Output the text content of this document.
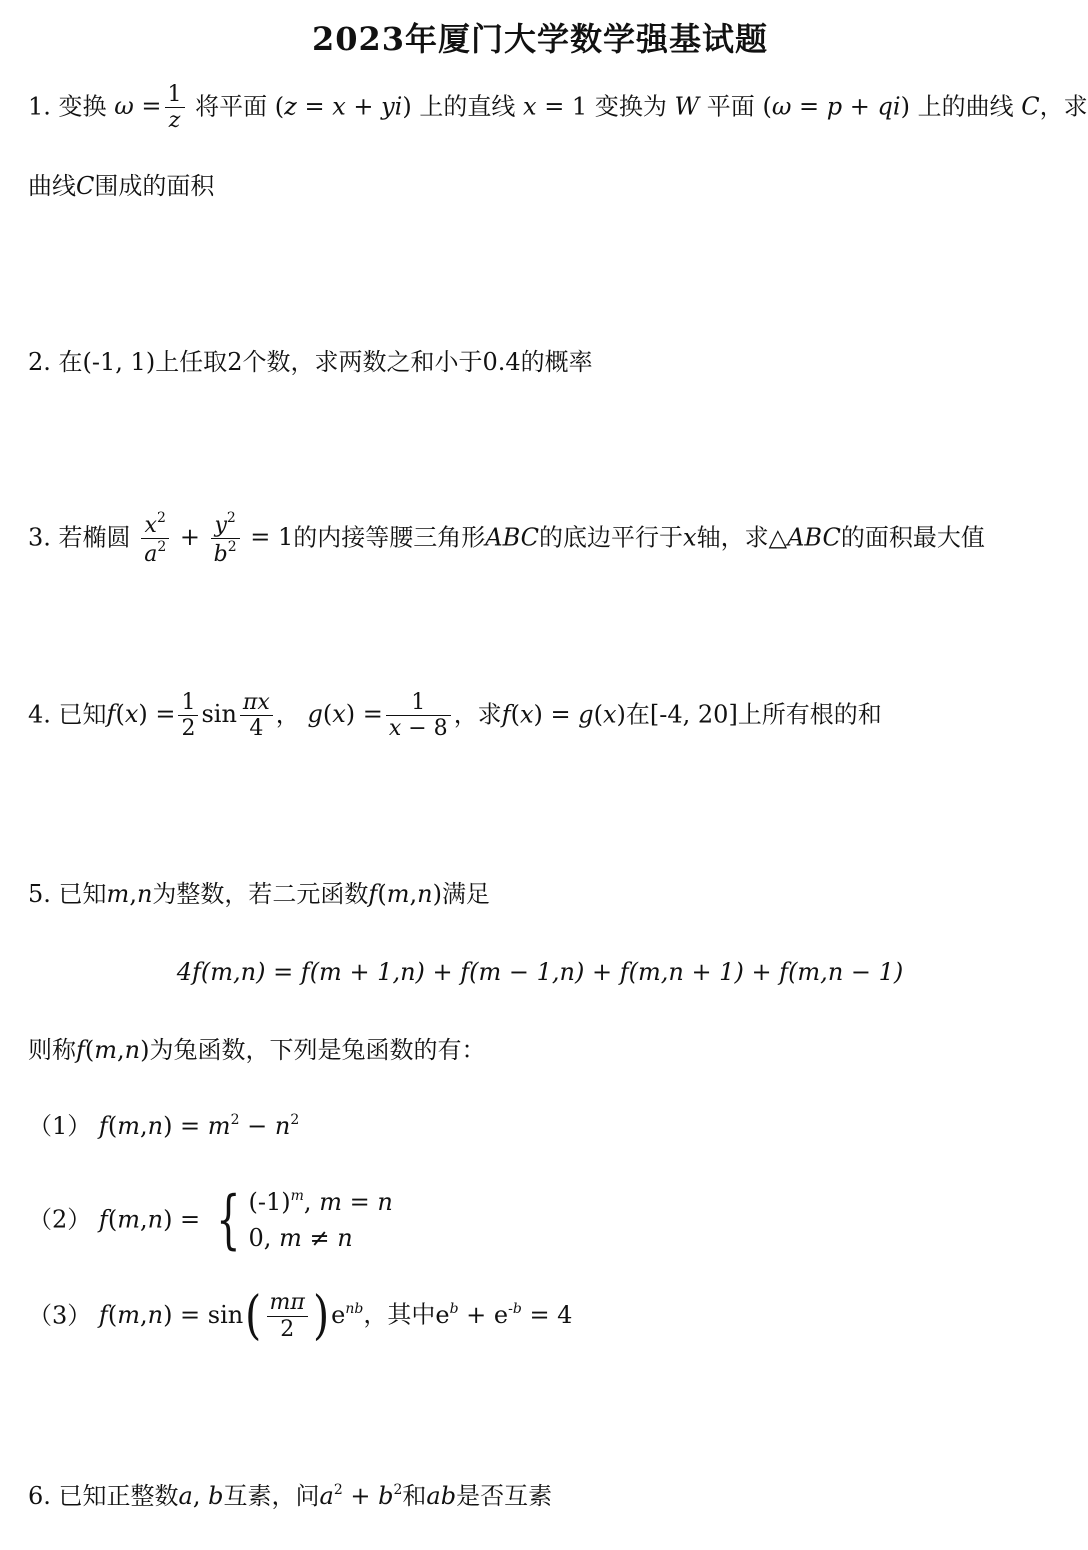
2023年厦门大学数学强基试题
1. 变换 $\omega = \frac{1}{z}$ 将平面 (z = x + yi) 上的直线 x = 1 变换为 W 平面 (ω = p + qi) 上的曲线 C，求
曲线C围成的面积
2. 在(-1, 1)上任取2个数，求两数之和小于0.4的概率
3. 若椭圆 $\frac{x^2}{a^2} + \frac{y^2}{b^2} = 1$的内接等腰三角形ABC的底边平行于x轴，求△ABC的面积最大值
4. 已知$f(x) = \frac{1}{2}$ $\sin \frac{\pi x}{4}$ ， $g(x) = \frac{1}{x - 8}$ ，求f(x) = g(x)在[-4, 20]上所有根的和
5. 已知m,n为整数，若二元函数f(m,n)满足
4f(m,n) = f(m + 1,n) + f(m − 1,n) + f(m,n + 1) + f(m,n − 1)
则称f(m,n)为兔函数，下列是兔函数的有：
（1） $f(m,n) = m^2 - n^2$
（2） f(m,n) = { $(-1)^m$, m = n
0, m ≠ n
（3） $f(m,n) = \sin( \frac{m\pi}{2} )e^{nb}$，其中$e^b + e^{-b} = 4$
6. 已知正整数a, b互素，问$a^2 + b^2$和ab是否互素
